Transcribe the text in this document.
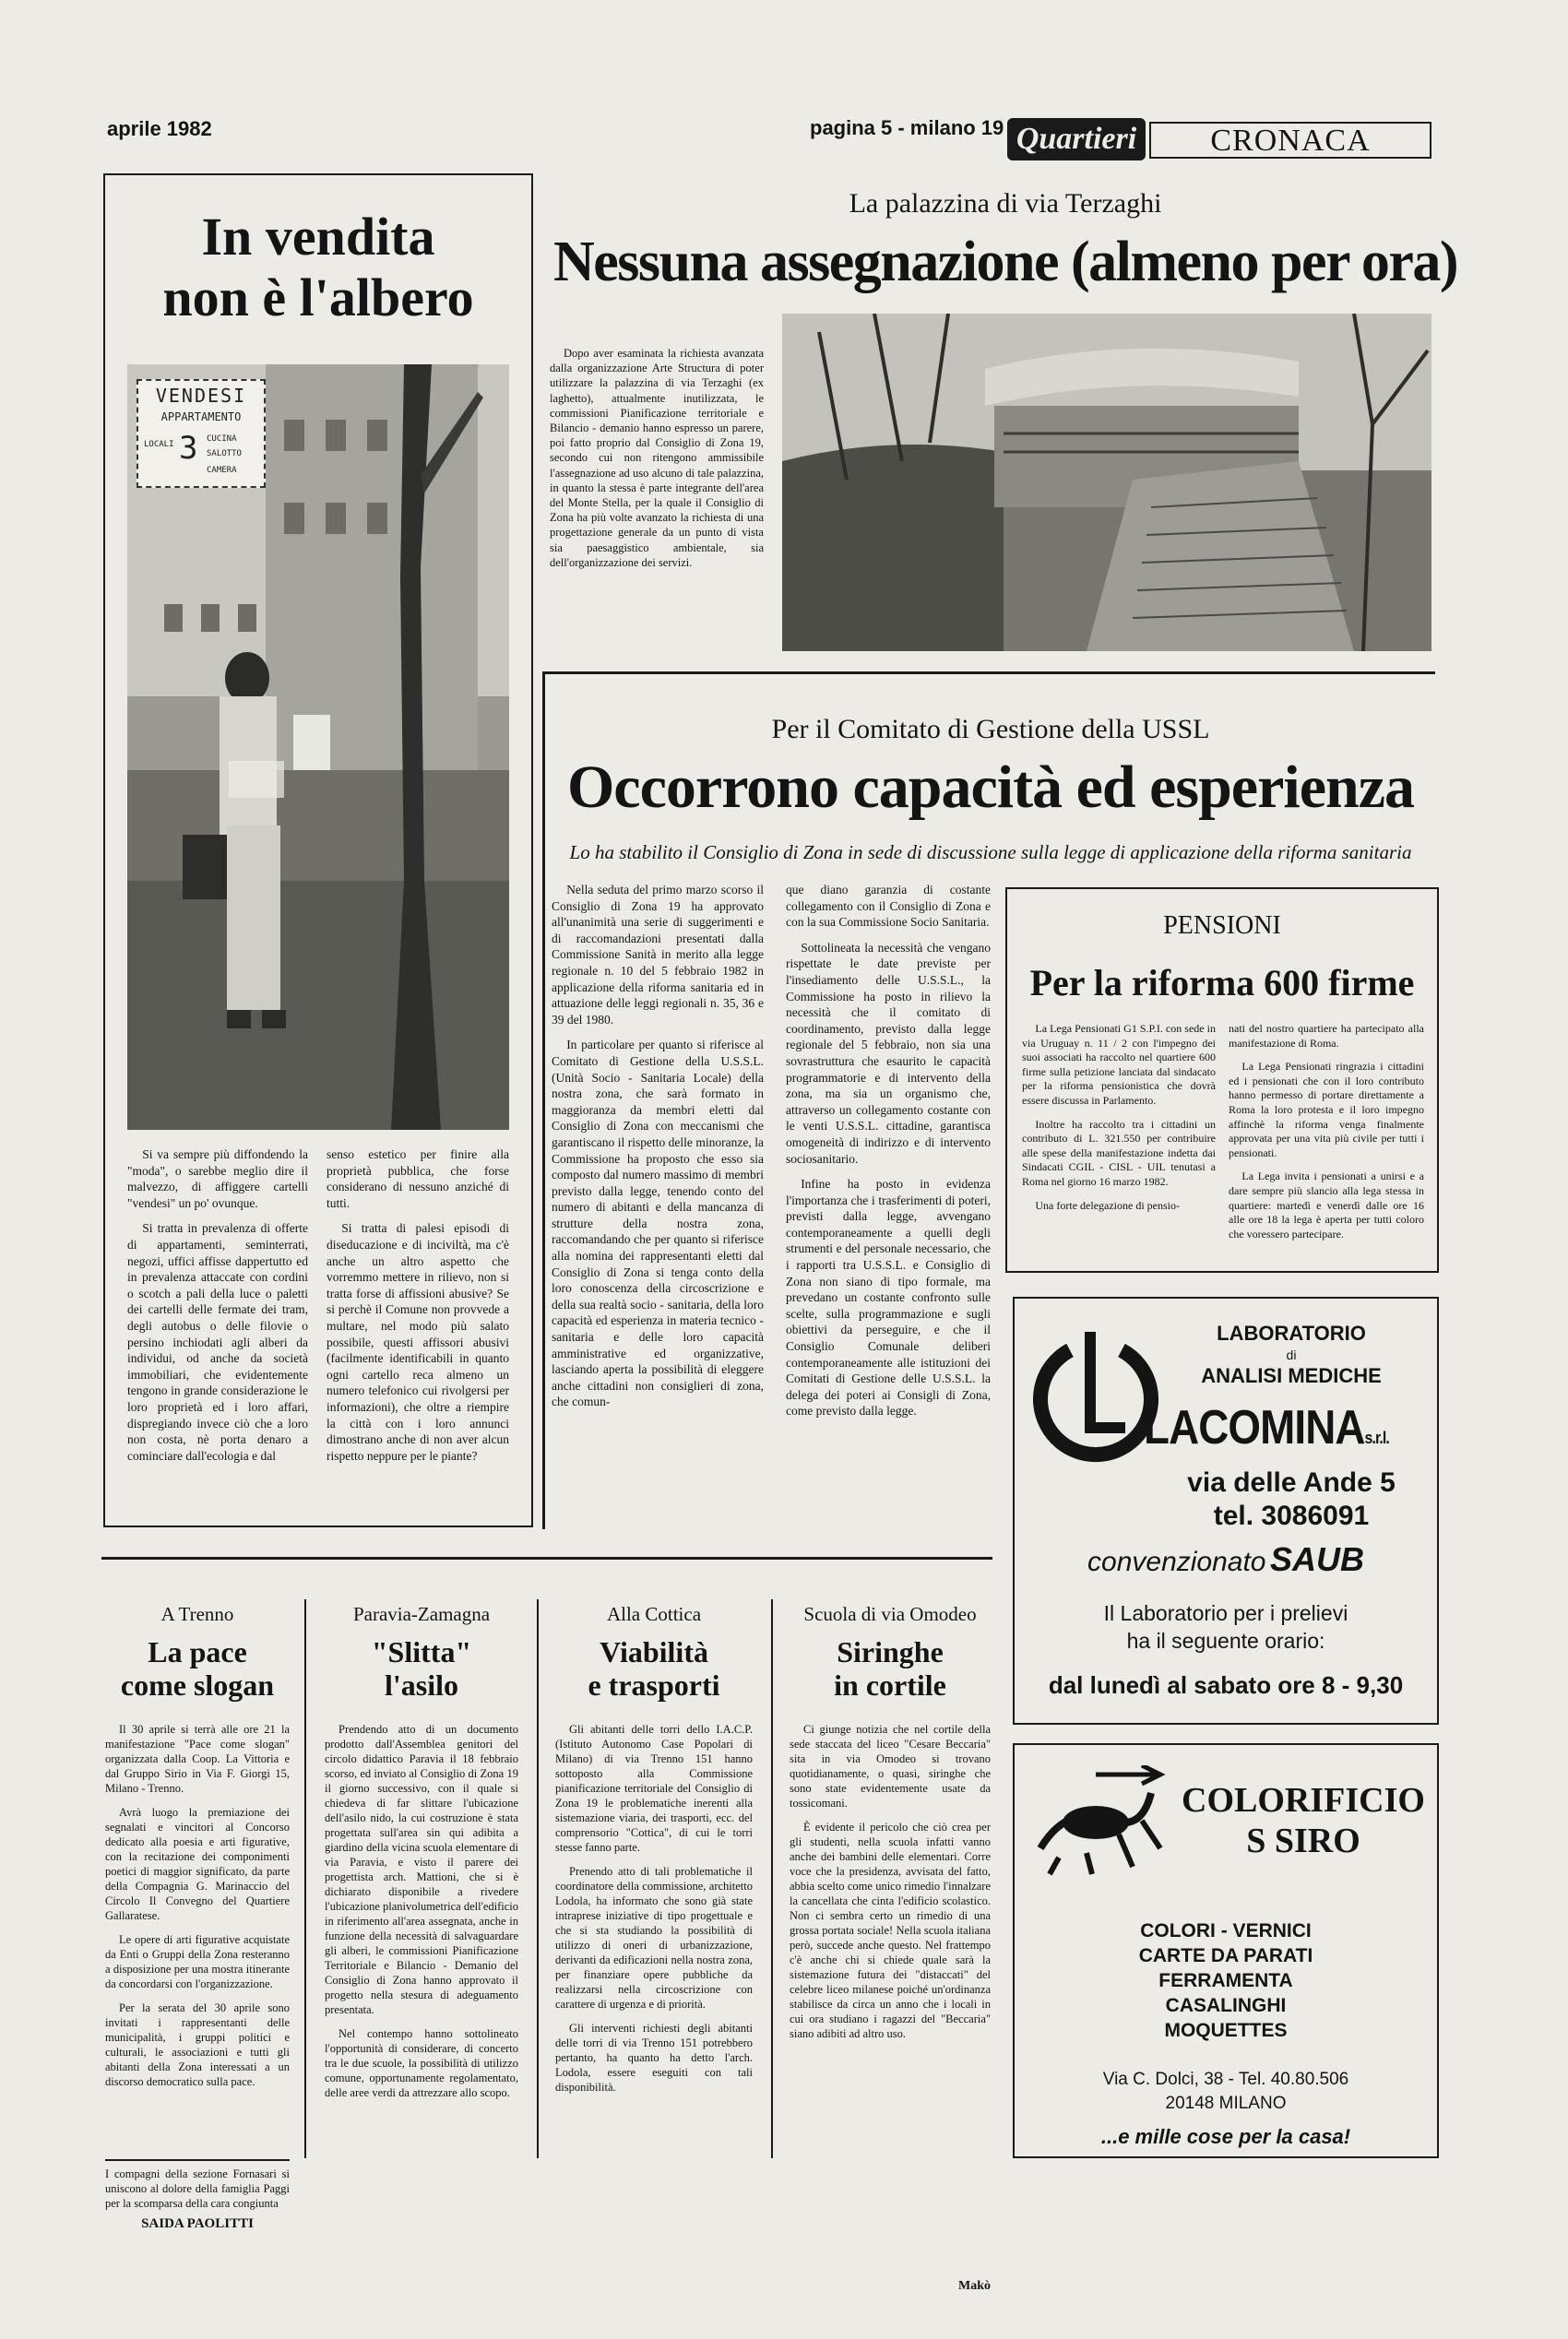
aprile 1982	pagina 5 - milano 19 Quartieri	CRONACA
In vendita
non è l'albero
VENDESI
APPARTAMENTO
LOCALI 3 CUCINA
SALOTTO
CAMERA

Si va sempre più diffondendo la "moda", o sarebbe meglio dire il malvezzo, di affiggere cartelli "vendesi" un po' ovunque.

Si tratta in prevalenza di offerte di appartamenti, seminterrati, negozi, uffici affisse dappertutto ed in prevalenza attaccate con cordini o scotch a pali della luce o paletti dei cartelli delle fermate dei tram, degli autobus o delle filovie o persino inchiodati agli alberi da individui, od anche da società immobiliari, che evidentemente tengono in grande considerazione le loro proprietà ed i loro affari, dispregiando invece ciò che a loro non costa, nè porta denaro a cominciare dall'ecologia e dal

senso estetico per finire alla proprietà pubblica, che forse considerano di nessuno anziché di tutti.

Si tratta di palesi episodi di diseducazione e di inciviltà, ma c'è anche un altro aspetto che vorremmo mettere in rilievo, non si tratta forse di affissioni abusive? Se si perchè il Comune non provvede a multare, nel modo più salato possibile, questi affissori abusivi (facilmente identificabili in quanto ogni cartello reca almeno un numero telefonico cui rivolgersi per informazioni), che oltre a riempire la città con i loro annunci dimostrano anche di non aver alcun rispetto neppure per le piante?

La palazzina di via Terzaghi
Nessuna assegnazione (almeno per ora)

Dopo aver esaminata la richiesta avanzata dalla organizzazione Arte Structura di poter utilizzare la palazzina di via Terzaghi (ex laghetto), attualmente inutilizzata, le commissioni Pianificazione territoriale e Bilancio - demanio hanno espresso un parere, poi fatto proprio dal Consiglio di Zona 19, secondo cui non ritengono ammissibile l'assegnazione ad uso alcuno di tale palazzina, in quanto la stessa è parte integrante dell'area del Monte Stella, per la quale il Consiglio di Zona ha più volte avanzato la richiesta di una progettazione generale da un punto di vista sia paesaggistico ambientale, sia dell'organizzazione dei servizi.

Per il Comitato di Gestione della USSL
Occorrono capacità ed esperienza
Lo ha stabilito il Consiglio di Zona in sede di discussione sulla legge di applicazione della riforma sanitaria

Nella seduta del primo marzo scorso il Consiglio di Zona 19 ha approvato all'unanimità una serie di suggerimenti e di raccomandazioni presentati dalla Commissione Sanità in merito alla legge regionale n. 10 del 5 febbraio 1982 in applicazione della riforma sanitaria ed in attuazione delle leggi regionali n. 35, 36 e 39 del 1980.

In particolare per quanto si riferisce al Comitato di Gestione della U.S.S.L. (Unità Socio - Sanitaria Locale) della nostra zona, che sarà formato in maggioranza da membri eletti dal Consiglio di Zona con meccanismi che garantiscano il rispetto delle minoranze, la Commissione ha proposto che esso sia composto dal numero massimo di membri previsto dalla legge, tenendo conto del numero di abitanti e della mancanza di strutture della nostra zona, raccomandando che per quanto si riferisce alla nomina dei rappresentanti eletti dal Consiglio di Zona si tenga conto della loro conoscenza della circoscrizione e della sua realtà socio - sanitaria, della loro capacità ed esperienza in materia tecnico - sanitaria e delle loro capacità amministrative ed organizzative, lasciando aperta la possibilità di eleggere anche cittadini non consiglieri di zona, che comun-

que diano garanzia di costante collegamento con il Consiglio di Zona e con la sua Commissione Socio Sanitaria.

Sottolineata la necessità che vengano rispettate le date previste per l'insediamento delle U.S.S.L., la Commissione ha posto in rilievo la necessità che il comitato di coordinamento, previsto dalla legge regionale del 5 febbraio, non sia una sovrastruttura che esaurito le capacità programmatorie e di intervento della zona, ma sia un organismo che, attraverso un collegamento costante con le venti U.S.S.L. cittadine, garantisca omogeneità di indirizzo e di intervento sociosanitario.

Infine ha posto in evidenza l'importanza che i trasferimenti di poteri, previsti dalla legge, avvengano contemporaneamente a quelli degli strumenti e del personale necessario, che i rapporti tra U.S.S.L. e Consiglio di Zona non siano di tipo formale, ma prevedano un costante confronto sulle scelte, sulla programmazione e sugli obiettivi da perseguire, e che il Consiglio Comunale deliberi contemporaneamente alle istituzioni dei Comitati di Gestione delle U.S.S.L. la delega dei poteri ai Consigli di Zona, come previsto dalla legge.

PENSIONI
Per la riforma 600 firme

La Lega Pensionati G1 S.P.I. con sede in via Uruguay n. 11 / 2 con l'impegno dei suoi associati ha raccolto nel quartiere 600 firme sulla petizione lanciata dal sindacato per la riforma pensionistica che dovrà essere discussa in Parlamento.

Inoltre ha raccolto tra i cittadini un contributo di L. 321.550 per contribuire alle spese della manifestazione indetta dai Sindacati CGIL - CISL - UIL tenutasi a Roma nel giorno 16 marzo 1982.

Una forte delegazione di pensio-

nati del nostro quartiere ha partecipato alla manifestazione di Roma.

La Lega Pensionati ringrazia i cittadini ed i pensionati che con il loro contributo hanno permesso di portare direttamente a Roma la loro protesta e il loro impegno affinchè la riforma venga finalmente approvata per una vita più civile per tutti i pensionati.

La Lega invita i pensionati a unirsi e a dare sempre più slancio alla lega stessa in quartiere: martedì e venerdì dalle ore 16 alle ore 18 la lega è aperta per tutti coloro che voressero partecipare.

LABORATORIO
di
ANALISI MEDICHE
LACOMINAs.r.l.
via delle Ande 5
tel. 3086091
convenzionato SAUB
Il Laboratorio per i prelievi
ha il seguente orario:
dal lunedì al sabato ore 8 - 9,30
COLORIFICIO
S SIRO
COLORI - VERNICI
CARTE DA PARATI
FERRAMENTA
CASALINGHI
MOQUETTES
Via C. Dolci, 38 - Tel. 40.80.506
20148 MILANO
...e mille cose per la casa!
A Trenno
La pace
come slogan

Il 30 aprile si terrà alle ore 21 la manifestazione "Pace come slogan" organizzata dalla Coop. La Vittoria e dal Gruppo Sirio in Via F. Giorgi 15, Milano - Trenno.

Avrà luogo la premiazione dei segnalati e vincitori al Concorso dedicato alla poesia e arti figurative, con la recitazione dei componimenti poetici di maggior significato, da parte della Compagnia G. Marinaccio del Circolo Il Convegno del Quartiere Gallaratese.

Le opere di arti figurative acquistate da Enti o Gruppi della Zona resteranno a disposizione per una mostra itinerante da concordarsi con l'organizzazione.

Per la serata del 30 aprile sono invitati i rappresentanti delle municipalità, i gruppi politici e culturali, le associazioni e tutti gli abitanti della Zona interessati a un discorso democratico sulla pace.

I compagni della sezione Fornasari si uniscono al dolore della famiglia Paggi per la scomparsa della cara congiunta
SAIDA PAOLITTI
Paravia-Zamagna
"Slitta"
l'asilo

Prendendo atto di un documento prodotto dall'Assemblea genitori del circolo didattico Paravia il 18 febbraio scorso, ed inviato al Consiglio di Zona 19 il giorno successivo, con il quale si chiedeva di far slittare l'ubicazione dell'asilo nido, la cui costruzione è stata progettata sull'area sin qui adibita a giardino della vicina scuola elementare di via Paravia, e visto il parere dei progettista arch. Mattioni, che si è dichiarato disponibile a rivedere l'ubicazione planivolumetrica dell'edificio in riferimento all'area assegnata, anche in funzione della necessità di salvaguardare gli alberi, le commissioni Pianificazione Territoriale e Bilancio - Demanio del Consiglio di Zona hanno approvato il progetto nella stesura di adeguamento presentata.

Nel contempo hanno sottolineato l'opportunità di considerare, di concerto tra le due scuole, la possibilità di utilizzo comune, opportunamente regolamentato, delle aree verdi da attrezzare allo scopo.

Alla Cottica
Viabilità
e trasporti

Gli abitanti delle torri dello I.A.C.P. (Istituto Autonomo Case Popolari di Milano) di via Trenno 151 hanno sottoposto alla Commissione pianificazione territoriale del Consiglio di Zona 19 le problematiche inerenti alla sistemazione viaria, dei trasporti, ecc. del comprensorio "Cottica", di cui le torri stesse fanno parte.

Prenendo atto di tali problematiche il coordinatore della commissione, architetto Lodola, ha informato che sono già state intraprese iniziative di tipo progettuale e che si sta studiando la possibilità di utilizzo di oneri di urbanizzazione, derivanti da edificazioni nella nostra zona, per finanziare opere pubbliche da realizzarsi nella circoscrizione con carattere di urgenza e di priorità.

Gli interventi richiesti degli abitanti delle torri di via Trenno 151 potrebbero pertanto, ha quanto ha detto l'arch. Lodola, essere eseguiti con tali disponibilità.

Scuola di via Omodeo
Siringhe
in cortile

Ci giunge notizia che nel cortile della sede staccata del liceo "Cesare Beccaria" sita in via Omodeo si trovano quotidianamente, o quasi, siringhe che sono state evidentemente usate da tossicomani.

È evidente il pericolo che ciò crea per gli studenti, nella scuola infatti vanno anche dei bambini delle elementari. Corre voce che la presidenza, avvisata del fatto, abbia scelto come unico rimedio l'innalzare la cancellata che cinta l'edificio scolastico. Non ci sembra certo un rimedio di una grossa portata sociale! Nella scuola italiana però, succede anche questo. Nel frattempo c'è anche chi si chiede quale sarà la sistemazione futura dei "distaccati" del celebre liceo milanese poiché un'ordinanza stabilisce da circa un anno che i locali in cui ora studiano i ragazzi del "Beccaria" siano adibiti ad altro uso.

Makò
